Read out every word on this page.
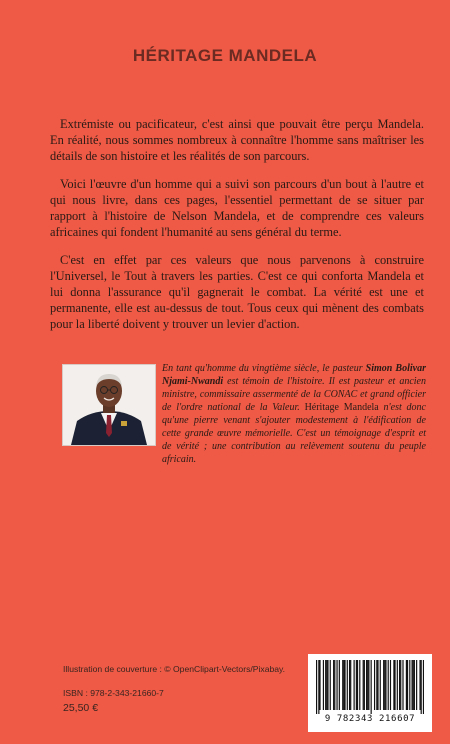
HÉRITAGE MANDELA

Extrémiste ou pacificateur, c'est ainsi que pouvait être perçu Mandela. En réalité, nous sommes nombreux à connaître l'homme sans maîtriser les détails de son histoire et les réalités de son parcours.

Voici l'œuvre d'un homme qui a suivi son parcours d'un bout à l'autre et qui nous livre, dans ces pages, l'essentiel permettant de se situer par rapport à l'histoire de Nelson Mandela, et de comprendre ces valeurs africaines qui fondent l'humanité au sens général du terme.

C'est en effet par ces valeurs que nous parvenons à construire l'Universel, le Tout à travers les parties. C'est ce qui conforta Mandela et lui donna l'assurance qu'il gagnerait le combat. La vérité est une et permanente, elle est au-dessus de tout. Tous ceux qui mènent des combats pour la liberté doivent y trouver un levier d'action.

En tant qu'homme du vingtième siècle, le pasteur Simon Bolivar Njami-Nwandi est témoin de l'histoire. Il est pasteur et ancien ministre, commissaire assermenté de la CONAC et grand officier de l'ordre national de la Valeur. Héritage Mandela n'est donc qu'une pierre venant s'ajouter modestement à l'édification de cette grande œuvre mémorielle. C'est un témoignage d'esprit et de vérité ; une contribution au relèvement soutenu du peuple africain.
Illustration de couverture : © OpenClipart-Vectors/Pixabay.
ISBN : 978-2-343-21660-7
25,50 €
9 782343 216607
